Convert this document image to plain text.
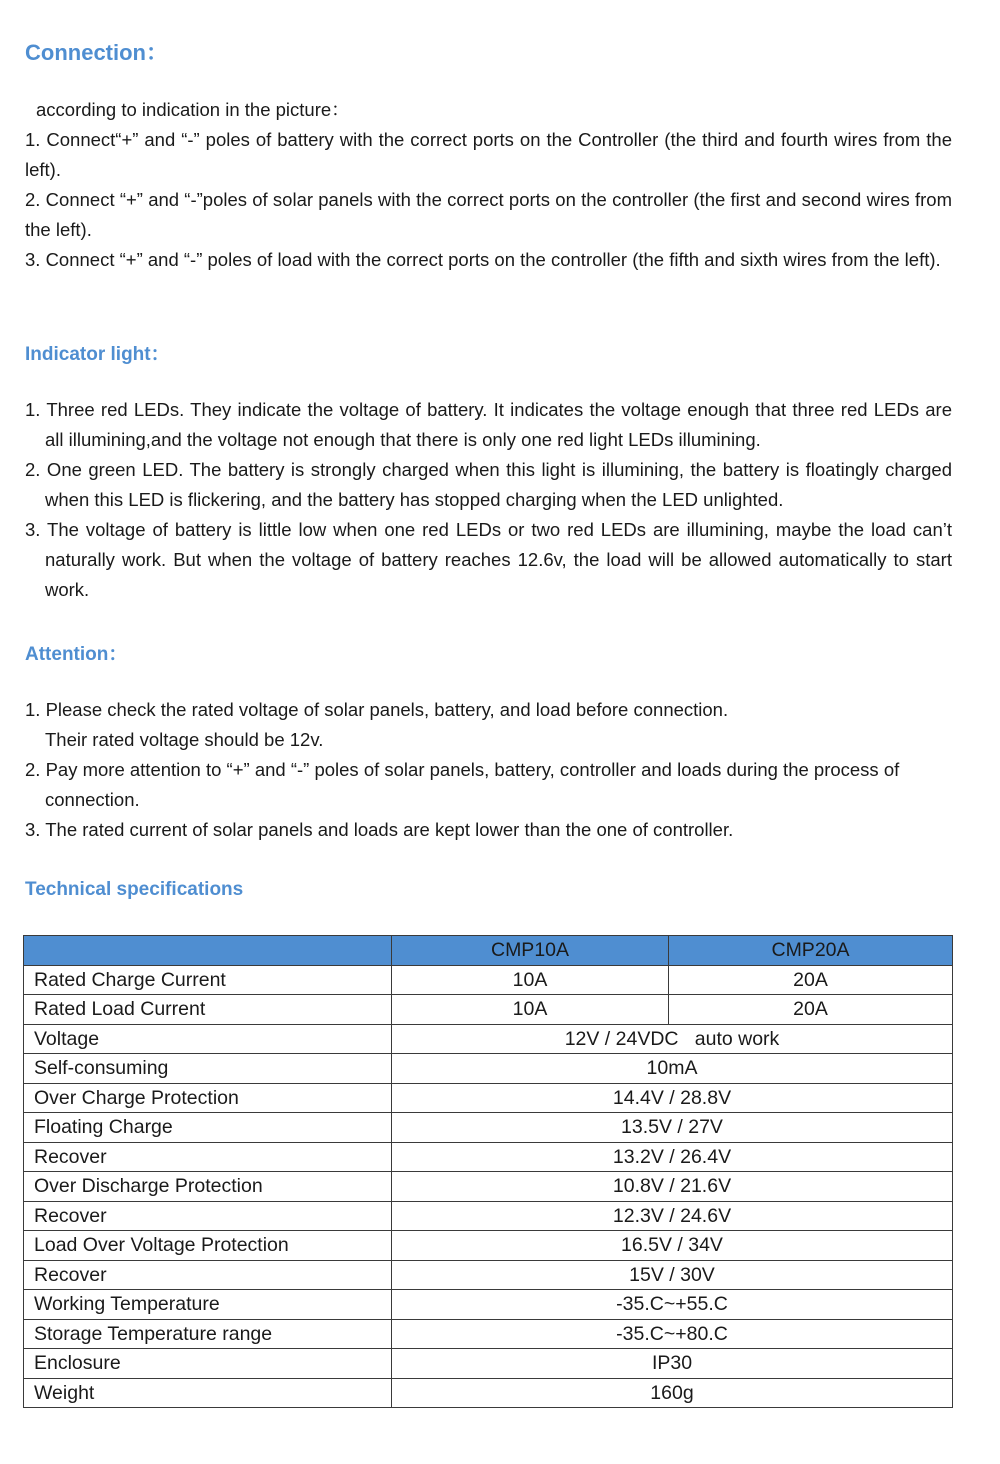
Connection：
according to indication in the picture：
1. Connect“+” and “-” poles of battery with the correct ports on the Controller (the third and fourth wires from the left).
2. Connect “+” and “-”poles of solar panels with the correct ports on the controller (the first and second wires from the left).
3. Connect “+” and “-” poles of load with the correct ports on the controller (the fifth and sixth wires from the left).
Indicator light：
1. Three red LEDs. They indicate the voltage of battery. It indicates the voltage enough that three red LEDs are all illumining,and the voltage not enough that there is only one red light LEDs illumining.
2. One green LED. The battery is strongly charged when this light is illumining, the battery is floatingly charged when this LED is flickering, and the battery has stopped charging when the LED unlighted.
3. The voltage of battery is little low when one red LEDs or two red LEDs are illumining, maybe the load can’t naturally work. But when the voltage of battery reaches 12.6v, the load will be allowed automatically to start work.
Attention：
1. Please check the rated voltage of solar panels, battery, and load before connection.
Their rated voltage should be 12v.
2. Pay more attention to “+” and “-” poles of solar panels, battery, controller and loads during the process of connection.
3. The rated current of solar panels and loads are kept lower than the one of controller.
Technical specifications
	CMP10A	CMP20A
Rated Charge Current	10A	20A
Rated Load Current	10A	20A
Voltage	12V / 24VDC   auto work	
Self-consuming	10mA	
Over Charge Protection	14.4V / 28.8V	
Floating Charge	13.5V / 27V	
Recover	13.2V / 26.4V	
Over Discharge Protection	10.8V / 21.6V	
Recover	12.3V / 24.6V	
Load Over Voltage Protection	16.5V / 34V	
Recover	15V / 30V	
Working Temperature	-35.C~+55.C	
Storage Temperature range	-35.C~+80.C	
Enclosure	IP30	
Weight	160g	
